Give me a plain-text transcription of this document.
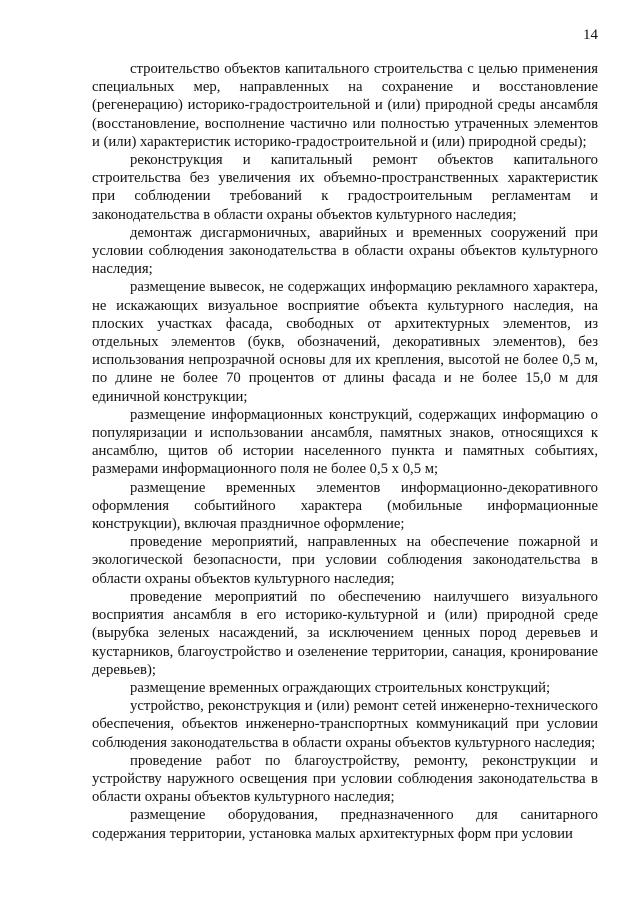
14

строительство объектов капитального строительства с целью применения специальных мер, направленных на сохранение и восстановление (регенерацию) историко-градостроительной и (или) природной среды ансамбля (восстановление, восполнение частично или полностью утраченных элементов и (или) характеристик историко-градостроительной и (или) природной среды);

реконструкция и капитальный ремонт объектов капитального строительства без увеличения их объемно-пространственных характеристик при соблюдении требований к градостроительным регламентам и законодательства в области охраны объектов культурного наследия;

демонтаж дисгармоничных, аварийных и временных сооружений при условии соблюдения законодательства в области охраны объектов культурного наследия;

размещение вывесок, не содержащих информацию рекламного характера, не искажающих визуальное восприятие объекта культурного наследия, на плоских участках фасада, свободных от архитектурных элементов, из отдельных элементов (букв, обозначений, декоративных элементов), без использования непрозрачной основы для их крепления, высотой не более 0,5 м, по длине не более 70 процентов от длины фасада и не более 15,0 м для единичной конструкции;

размещение информационных конструкций, содержащих информацию о популяризации и использовании ансамбля, памятных знаков, относящихся к ансамблю, щитов об истории населенного пункта и памятных событиях, размерами информационного поля не более 0,5 х 0,5 м;

размещение временных элементов информационно-декоративного оформления событийного характера (мобильные информационные конструкции), включая праздничное оформление;

проведение мероприятий, направленных на обеспечение пожарной и экологической безопасности, при условии соблюдения законодательства в области охраны объектов культурного наследия;

проведение мероприятий по обеспечению наилучшего визуального восприятия ансамбля в его историко-культурной и (или) природной среде (вырубка зеленых насаждений, за исключением ценных пород деревьев и кустарников, благоустройство и озеленение территории, санация, кронирование деревьев);

размещение временных ограждающих строительных конструкций;

устройство, реконструкция и (или) ремонт сетей инженерно-технического обеспечения, объектов инженерно-транспортных коммуникаций при условии соблюдения законодательства в области охраны объектов культурного наследия;

проведение работ по благоустройству, ремонту, реконструкции и устройству наружного освещения при условии соблюдения законодательства в области охраны объектов культурного наследия;

размещение оборудования, предназначенного для санитарного содержания территории, установка малых архитектурных форм при условии
